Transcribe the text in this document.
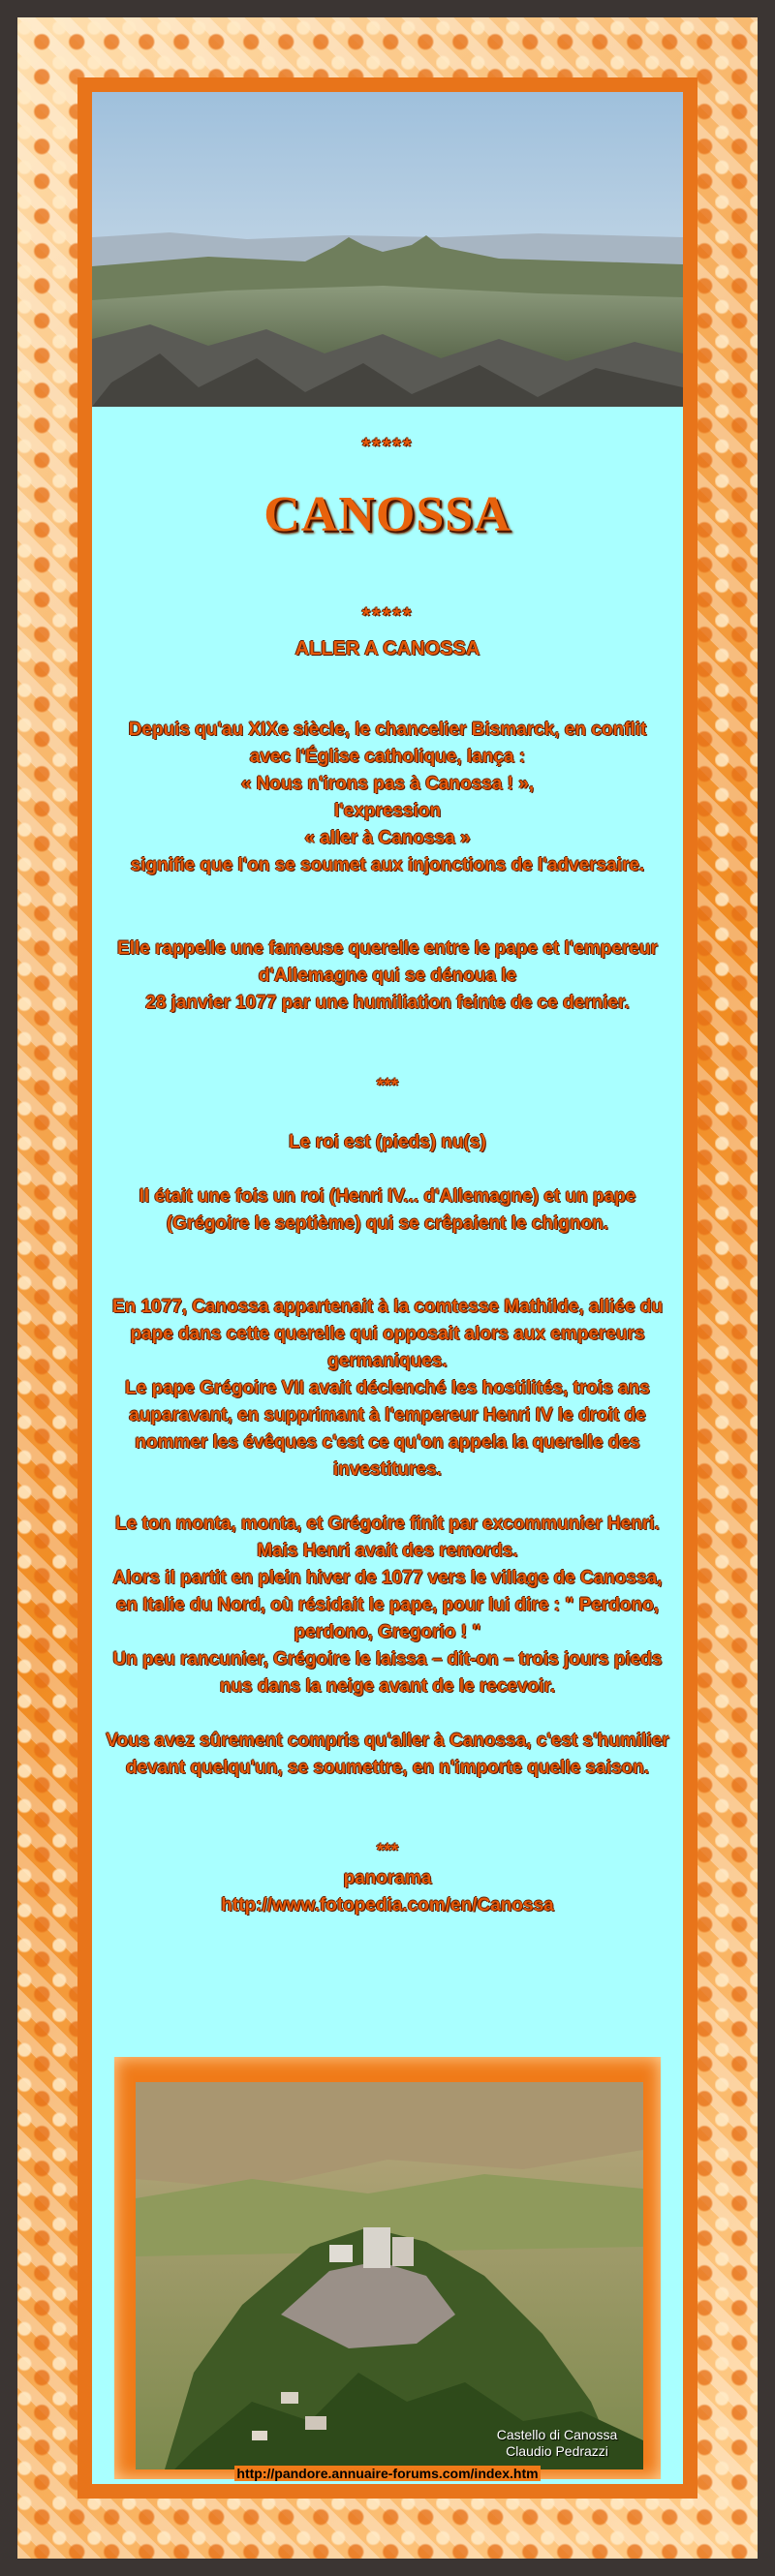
*****
CANOSSA
*****
ALLER A CANOSSA
Depuis qu'au XIXe siècle, le chancelier Bismarck, en conflit avec l'Église catholique, lança :
« Nous n'irons pas à Canossa ! »,
l'expression
« aller à Canossa »
signifie que l'on se soumet aux injonctions de l'adversaire.
Elle rappelle une fameuse querelle entre le pape et l'empereur d'Allemagne qui se dénoua le
28 janvier 1077 par une humiliation feinte de ce dernier.
***
Le roi est (pieds) nu(s)
Il était une fois un roi (Henri IV... d'Allemagne) et un pape (Grégoire le septième) qui se crêpaient le chignon.
En 1077, Canossa appartenait à la comtesse Mathilde, alliée du pape dans cette querelle qui opposait alors aux empereurs germaniques.
Le pape Grégoire VII avait déclenché les hostilités, trois ans auparavant, en supprimant à l'empereur Henri IV le droit de nommer les évêques c'est ce qu'on appela la querelle des investitures.
Le ton monta, monta, et Grégoire finit par excommunier Henri.
Mais Henri avait des remords.
Alors il partit en plein hiver de 1077 vers le village de Canossa, en Italie du Nord, où résidait le pape, pour lui dire : " Perdono, perdono, Gregorio ! "
Un peu rancunier, Grégoire le laissa – dit-on – trois jours pieds nus dans la neige avant de le recevoir.
Vous avez sûrement compris qu'aller à Canossa, c'est s'humilier devant quelqu'un, se soumettre, en n'importe quelle saison.
***
panorama
http://www.fotopedia.com/en/Canossa
Castello di Canossa
Claudio Pedrazzi
http://pandore.annuaire-forums.com/index.htm
